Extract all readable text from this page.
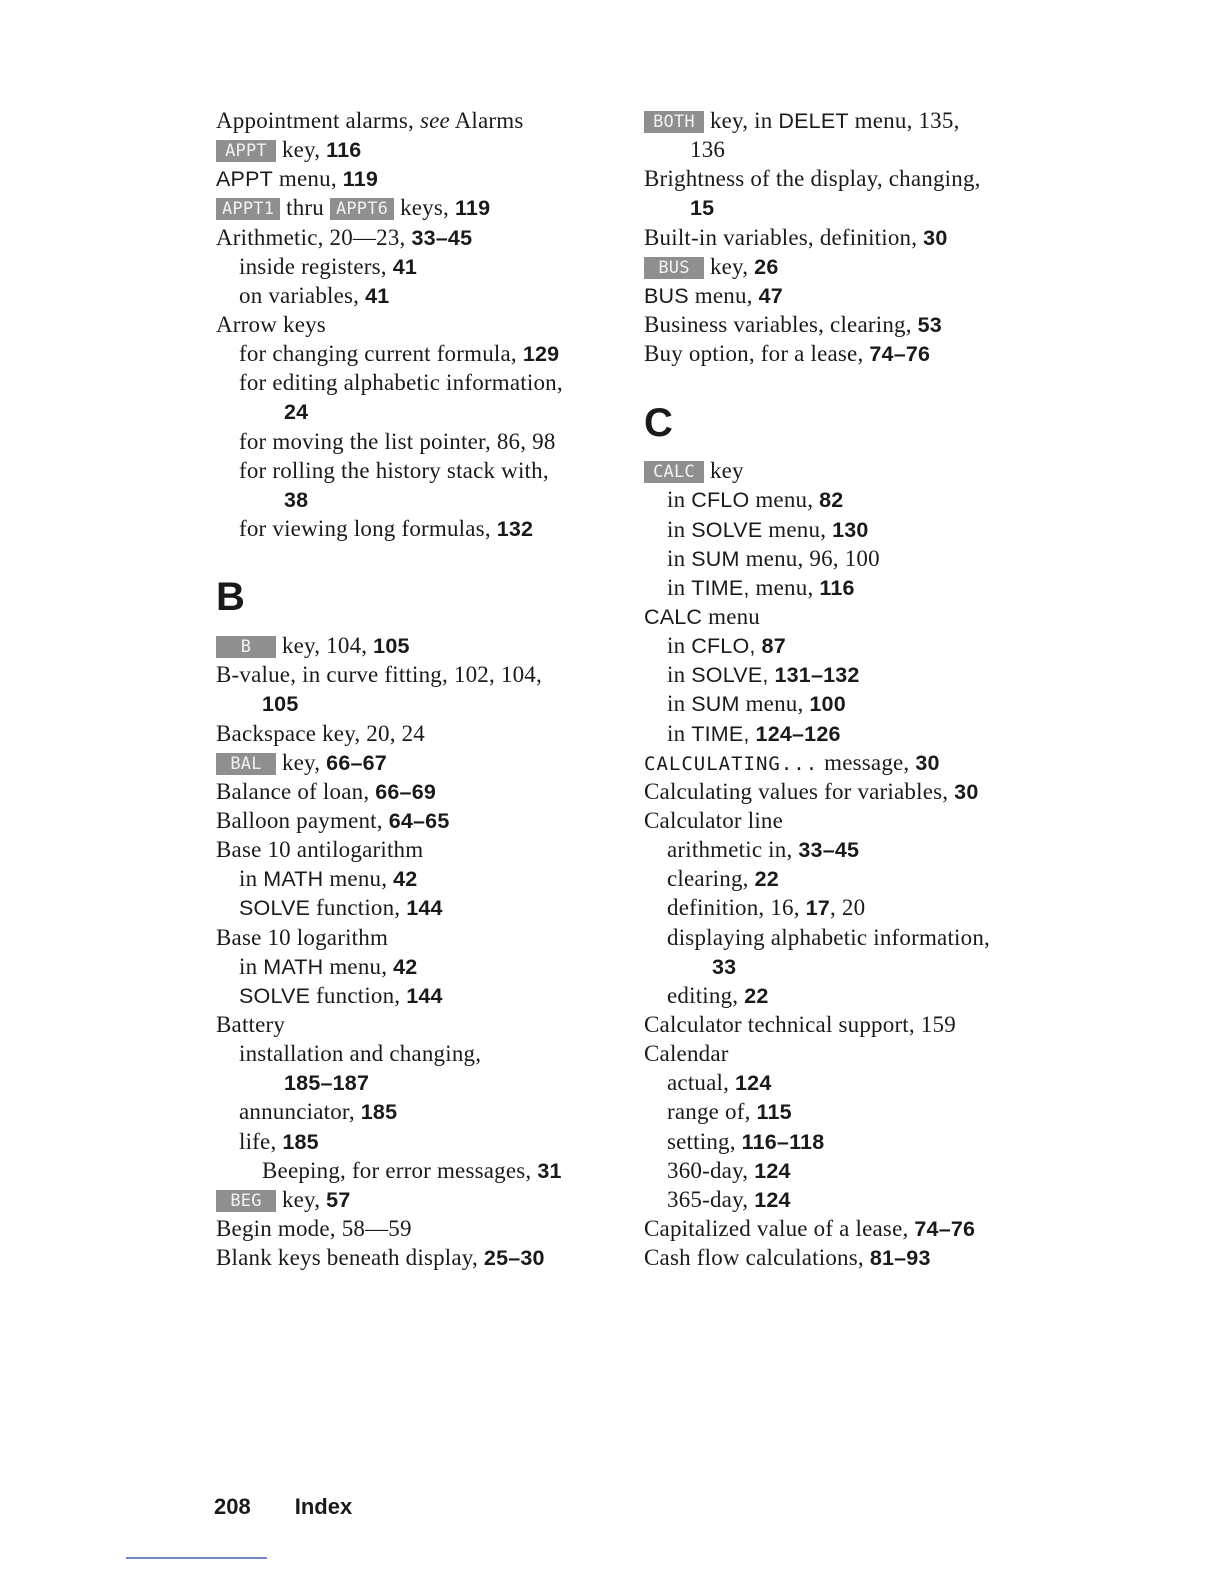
Appointment alarms, see Alarms
APPT key, 116
APPT menu, 119
APPT1 thru APPT6 keys, 119
Arithmetic, 20—23, 33–45
inside registers, 41
on variables, 41
Arrow keys
for changing current formula, 129
for editing alphabetic information,
24
for moving the list pointer, 86, 98
for rolling the history stack with,
38
for viewing long formulas, 132
B
B key, 104, 105
B-value, in curve fitting, 102, 104,
105
Backspace key, 20, 24
BAL key, 66–67
Balance of loan, 66–69
Balloon payment, 64–65
Base 10 antilogarithm
in MATH menu, 42
SOLVE function, 144
Base 10 logarithm
in MATH menu, 42
SOLVE function, 144
Battery
installation and changing,
185–187
annunciator, 185
life, 185
Beeping, for error messages, 31
BEG key, 57
Begin mode, 58—59
Blank keys beneath display, 25–30
BOTH key, in DELET menu, 135,
136
Brightness of the display, changing,
15
Built-in variables, definition, 30
BUS key, 26
BUS menu, 47
Business variables, clearing, 53
Buy option, for a lease, 74–76
C
CALC key
in CFLO menu, 82
in SOLVE menu, 130
in SUM menu, 96, 100
in TIME, menu, 116
CALC menu
in CFLO, 87
in SOLVE, 131–132
in SUM menu, 100
in TIME, 124–126
CALCULATING... message, 30
Calculating values for variables, 30
Calculator line
arithmetic in, 33–45
clearing, 22
definition, 16, 17, 20
displaying alphabetic information,
33
editing, 22
Calculator technical support, 159
Calendar
actual, 124
range of, 115
setting, 116–118
360-day, 124
365-day, 124
Capitalized value of a lease, 74–76
Cash flow calculations, 81–93
208 Index
